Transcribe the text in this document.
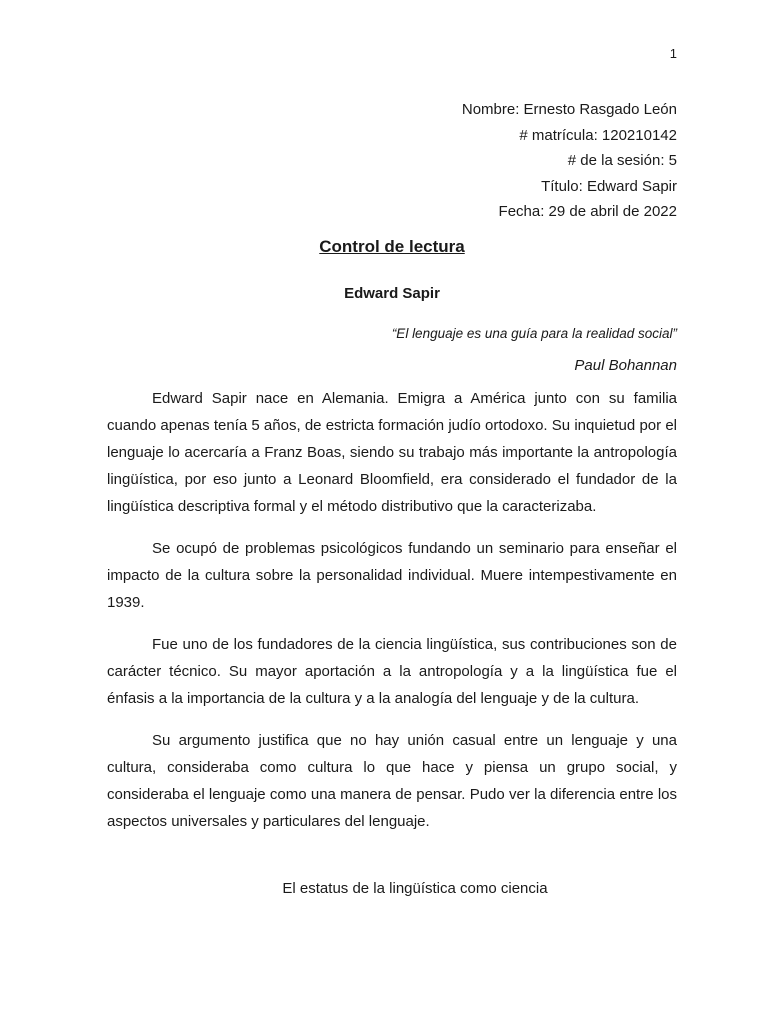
1
Nombre: Ernesto Rasgado León
# matrícula: 120210142
# de la sesión: 5
Título: Edward Sapir
Fecha: 29 de abril de 2022
Control de lectura
Edward Sapir
“El lenguaje es una guía para la realidad social”
Paul Bohannan

Edward Sapir nace en Alemania. Emigra a América junto con su familia cuando apenas tenía 5 años, de estricta formación judío ortodoxo. Su inquietud por el lenguaje lo acercaría a Franz Boas, siendo su trabajo más importante la antropología lingüística, por eso junto a Leonard Bloomfield, era considerado el fundador de la lingüística descriptiva formal y el método distributivo que la caracterizaba.

Se ocupó de problemas psicológicos fundando un seminario para enseñar el impacto de la cultura sobre la personalidad individual. Muere intempestivamente en 1939.

Fue uno de los fundadores de la ciencia lingüística, sus contribuciones son de carácter técnico. Su mayor aportación a la antropología y a la lingüística fue el énfasis a la importancia de la cultura y a la analogía del lenguaje y de la cultura.

Su argumento justifica que no hay unión casual entre un lenguaje y una cultura, consideraba como cultura lo que hace y piensa un grupo social, y consideraba el lenguaje como una manera de pensar. Pudo ver la diferencia entre los aspectos universales y particulares del lenguaje.

El estatus de la lingüística como ciencia
